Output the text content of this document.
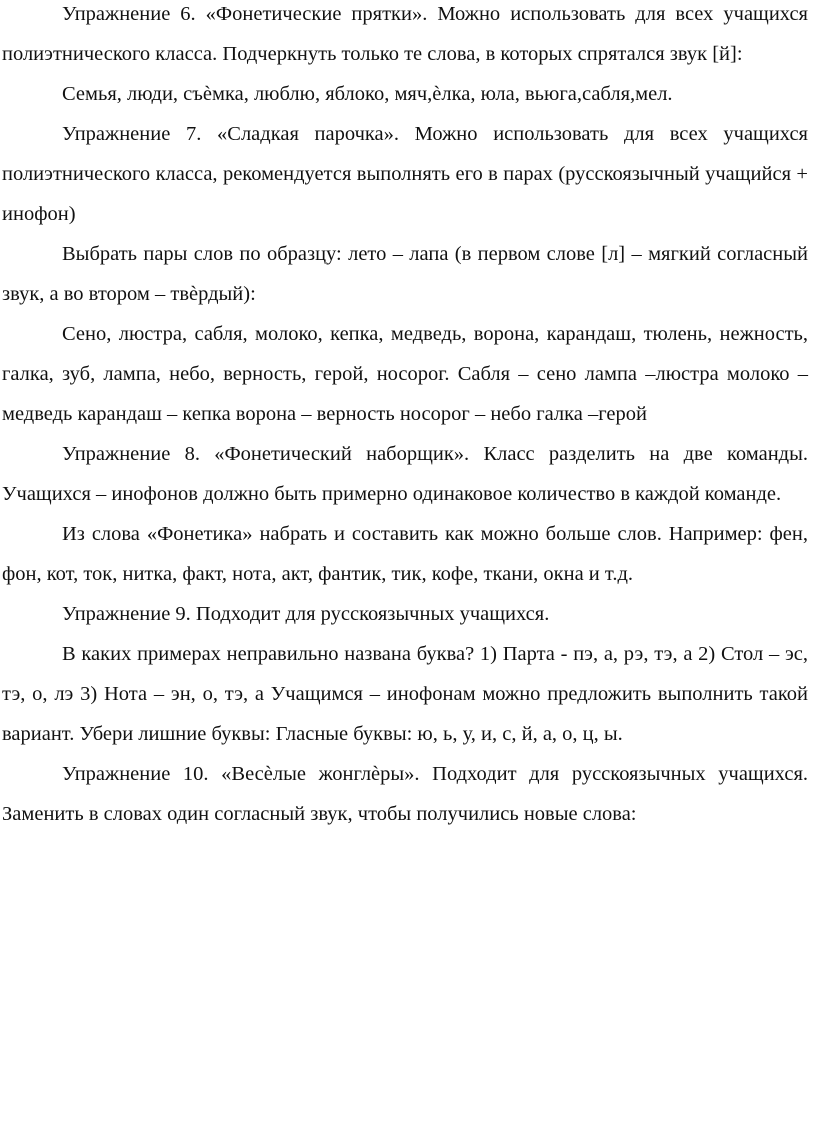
Упражнение 6. «Фонетические прятки». Можно использовать для всех учащихся полиэтнического класса. Подчеркнуть только те слова, в которых спрятался звук [й]:

Семья, люди, съѐмка, люблю, яблоко, мяч,ѐлка, юла, вьюга,сабля,мел.

Упражнение 7. «Сладкая парочка». Можно использовать для всех учащихся полиэтнического класса, рекомендуется выполнять его в парах (русскоязычный учащийся + инофон)

Выбрать пары слов по образцу: лето – лапа (в первом слове [л] – мягкий согласный звук, а во втором – твѐрдый):

Сено, люстра, сабля, молоко, кепка, медведь, ворона, карандаш, тюлень, нежность, галка, зуб, лампа, небо, верность, герой, носорог. Сабля – сено лампа –люстра молоко – медведь карандаш – кепка ворона – верность носорог – небо галка –герой

Упражнение 8. «Фонетический наборщик». Класс разделить на две команды. Учащихся – инофонов должно быть примерно одинаковое количество в каждой команде.

Из слова «Фонетика» набрать и составить как можно больше слов. Например: фен, фон, кот, ток, нитка, факт, нота, акт, фантик, тик, кофе, ткани, окна и т.д.

Упражнение 9. Подходит для русскоязычных учащихся.

В каких примерах неправильно названа буква? 1) Парта - пэ, а, рэ, тэ, а 2) Стол – эс, тэ, о, лэ 3) Нота – эн, о, тэ, а Учащимся – инофонам можно предложить выполнить такой вариант. Убери лишние буквы: Гласные буквы: ю, ь, у, и, с, й, а, о, ц, ы.

Упражнение 10. «Весѐлые жонглѐры». Подходит для русскоязычных учащихся. Заменить в словах один согласный звук, чтобы получились новые слова:
